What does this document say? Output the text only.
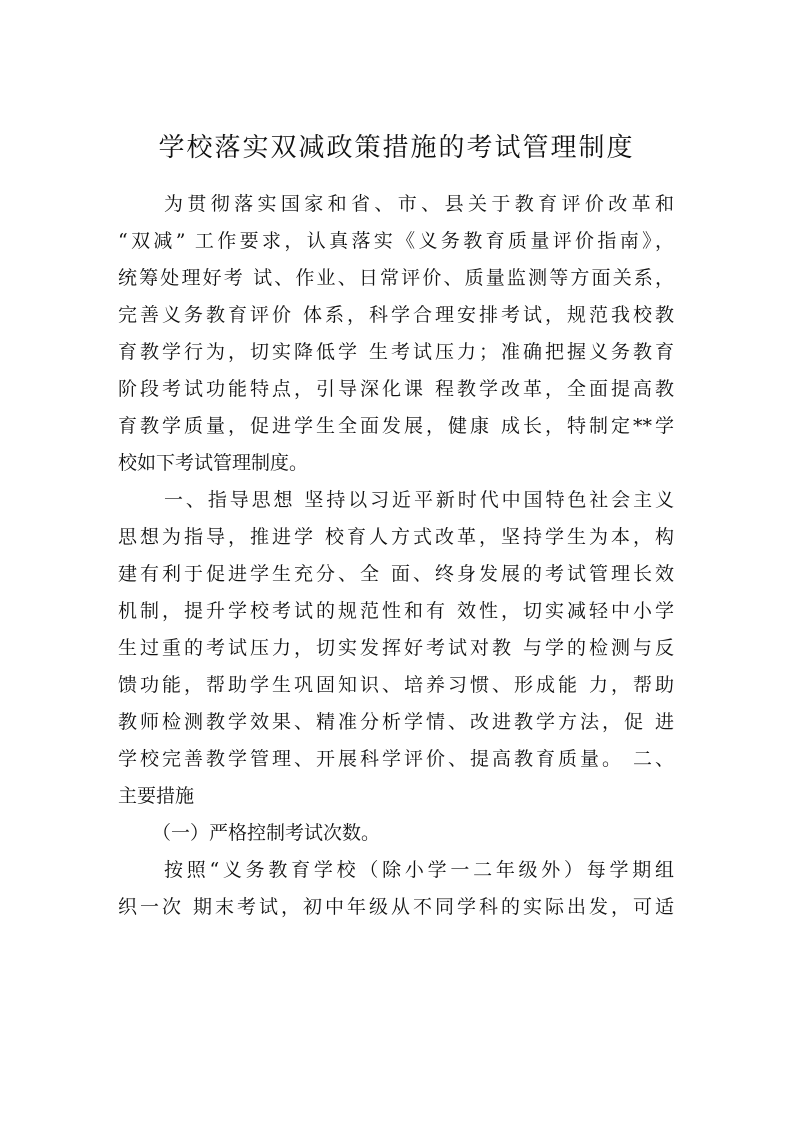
学校落实双减政策措施的考试管理制度
为贯彻落实国家和省、市、县关于教育评价改革和
“双减” 工作要求，认真落实《义务教育质量评价指南》，
统筹处理好考 试、作业、日常评价、质量监测等方面关系，
完善义务教育评价 体系，科学合理安排考试，规范我校教
育教学行为，切实降低学 生考试压力；准确把握义务教育
阶段考试功能特点，引导深化课 程教学改革，全面提高教
育教学质量，促进学生全面发展，健康 成长，特制定**学
校如下考试管理制度。
一、指导思想 坚持以习近平新时代中国特色社会主义
思想为指导，推进学 校育人方式改革，坚持学生为本，构
建有利于促进学生充分、全 面、终身发展的考试管理长效
机制，提升学校考试的规范性和有 效性，切实减轻中小学
生过重的考试压力，切实发挥好考试对教 与学的检测与反
馈功能，帮助学生巩固知识、培养习惯、形成能 力，帮助
教师检测教学效果、精准分析学情、改进教学方法，促 进
学校完善教学管理、开展科学评价、提高教育质量。 二、
主要措施
（一）严格控制考试次数。
按照“义务教育学校（除小学一二年级外）每学期组
织一次 期末考试，初中年级从不同学科的实际出发，可适
